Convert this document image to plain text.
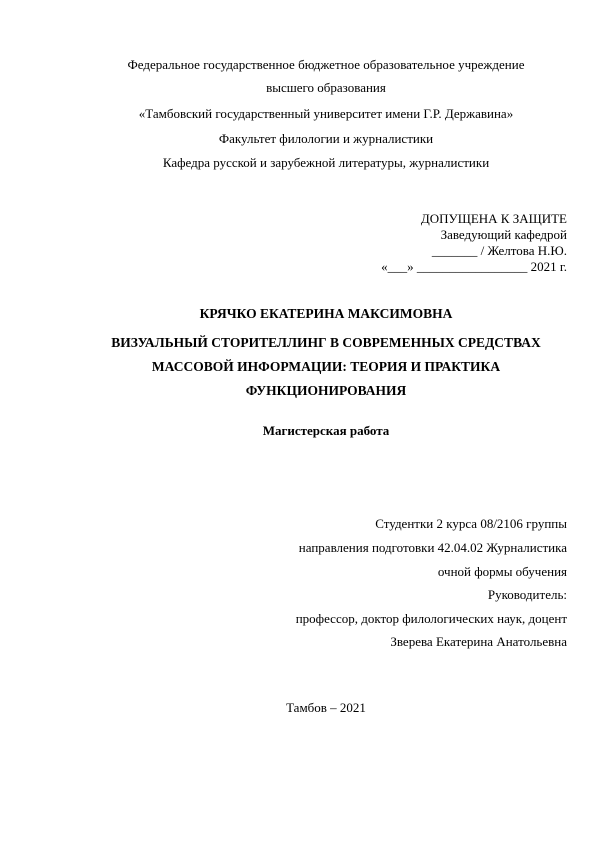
Федеральное государственное бюджетное образовательное учреждение
высшего образования
«Тамбовский государственный университет имени Г.Р. Державина»
Факультет филологии и журналистики
Кафедра русской и зарубежной литературы, журналистики
ДОПУЩЕНА К ЗАЩИТЕ
Заведующий кафедрой
_______ / Желтова Н.Ю.
«___» _________________ 2021 г.
КРЯЧКО ЕКАТЕРИНА МАКСИМОВНА
ВИЗУАЛЬНЫЙ СТОРИТЕЛЛИНГ В СОВРЕМЕННЫХ СРЕДСТВАХ
МАССОВОЙ ИНФОРМАЦИИ: ТЕОРИЯ И ПРАКТИКА
ФУНКЦИОНИРОВАНИЯ
Магистерская работа
Студентки 2 курса 08/2106 группы
направления подготовки 42.04.02 Журналистика
очной формы обучения
Руководитель:
профессор, доктор филологических наук, доцент
Зверева Екатерина Анатольевна
Тамбов – 2021
